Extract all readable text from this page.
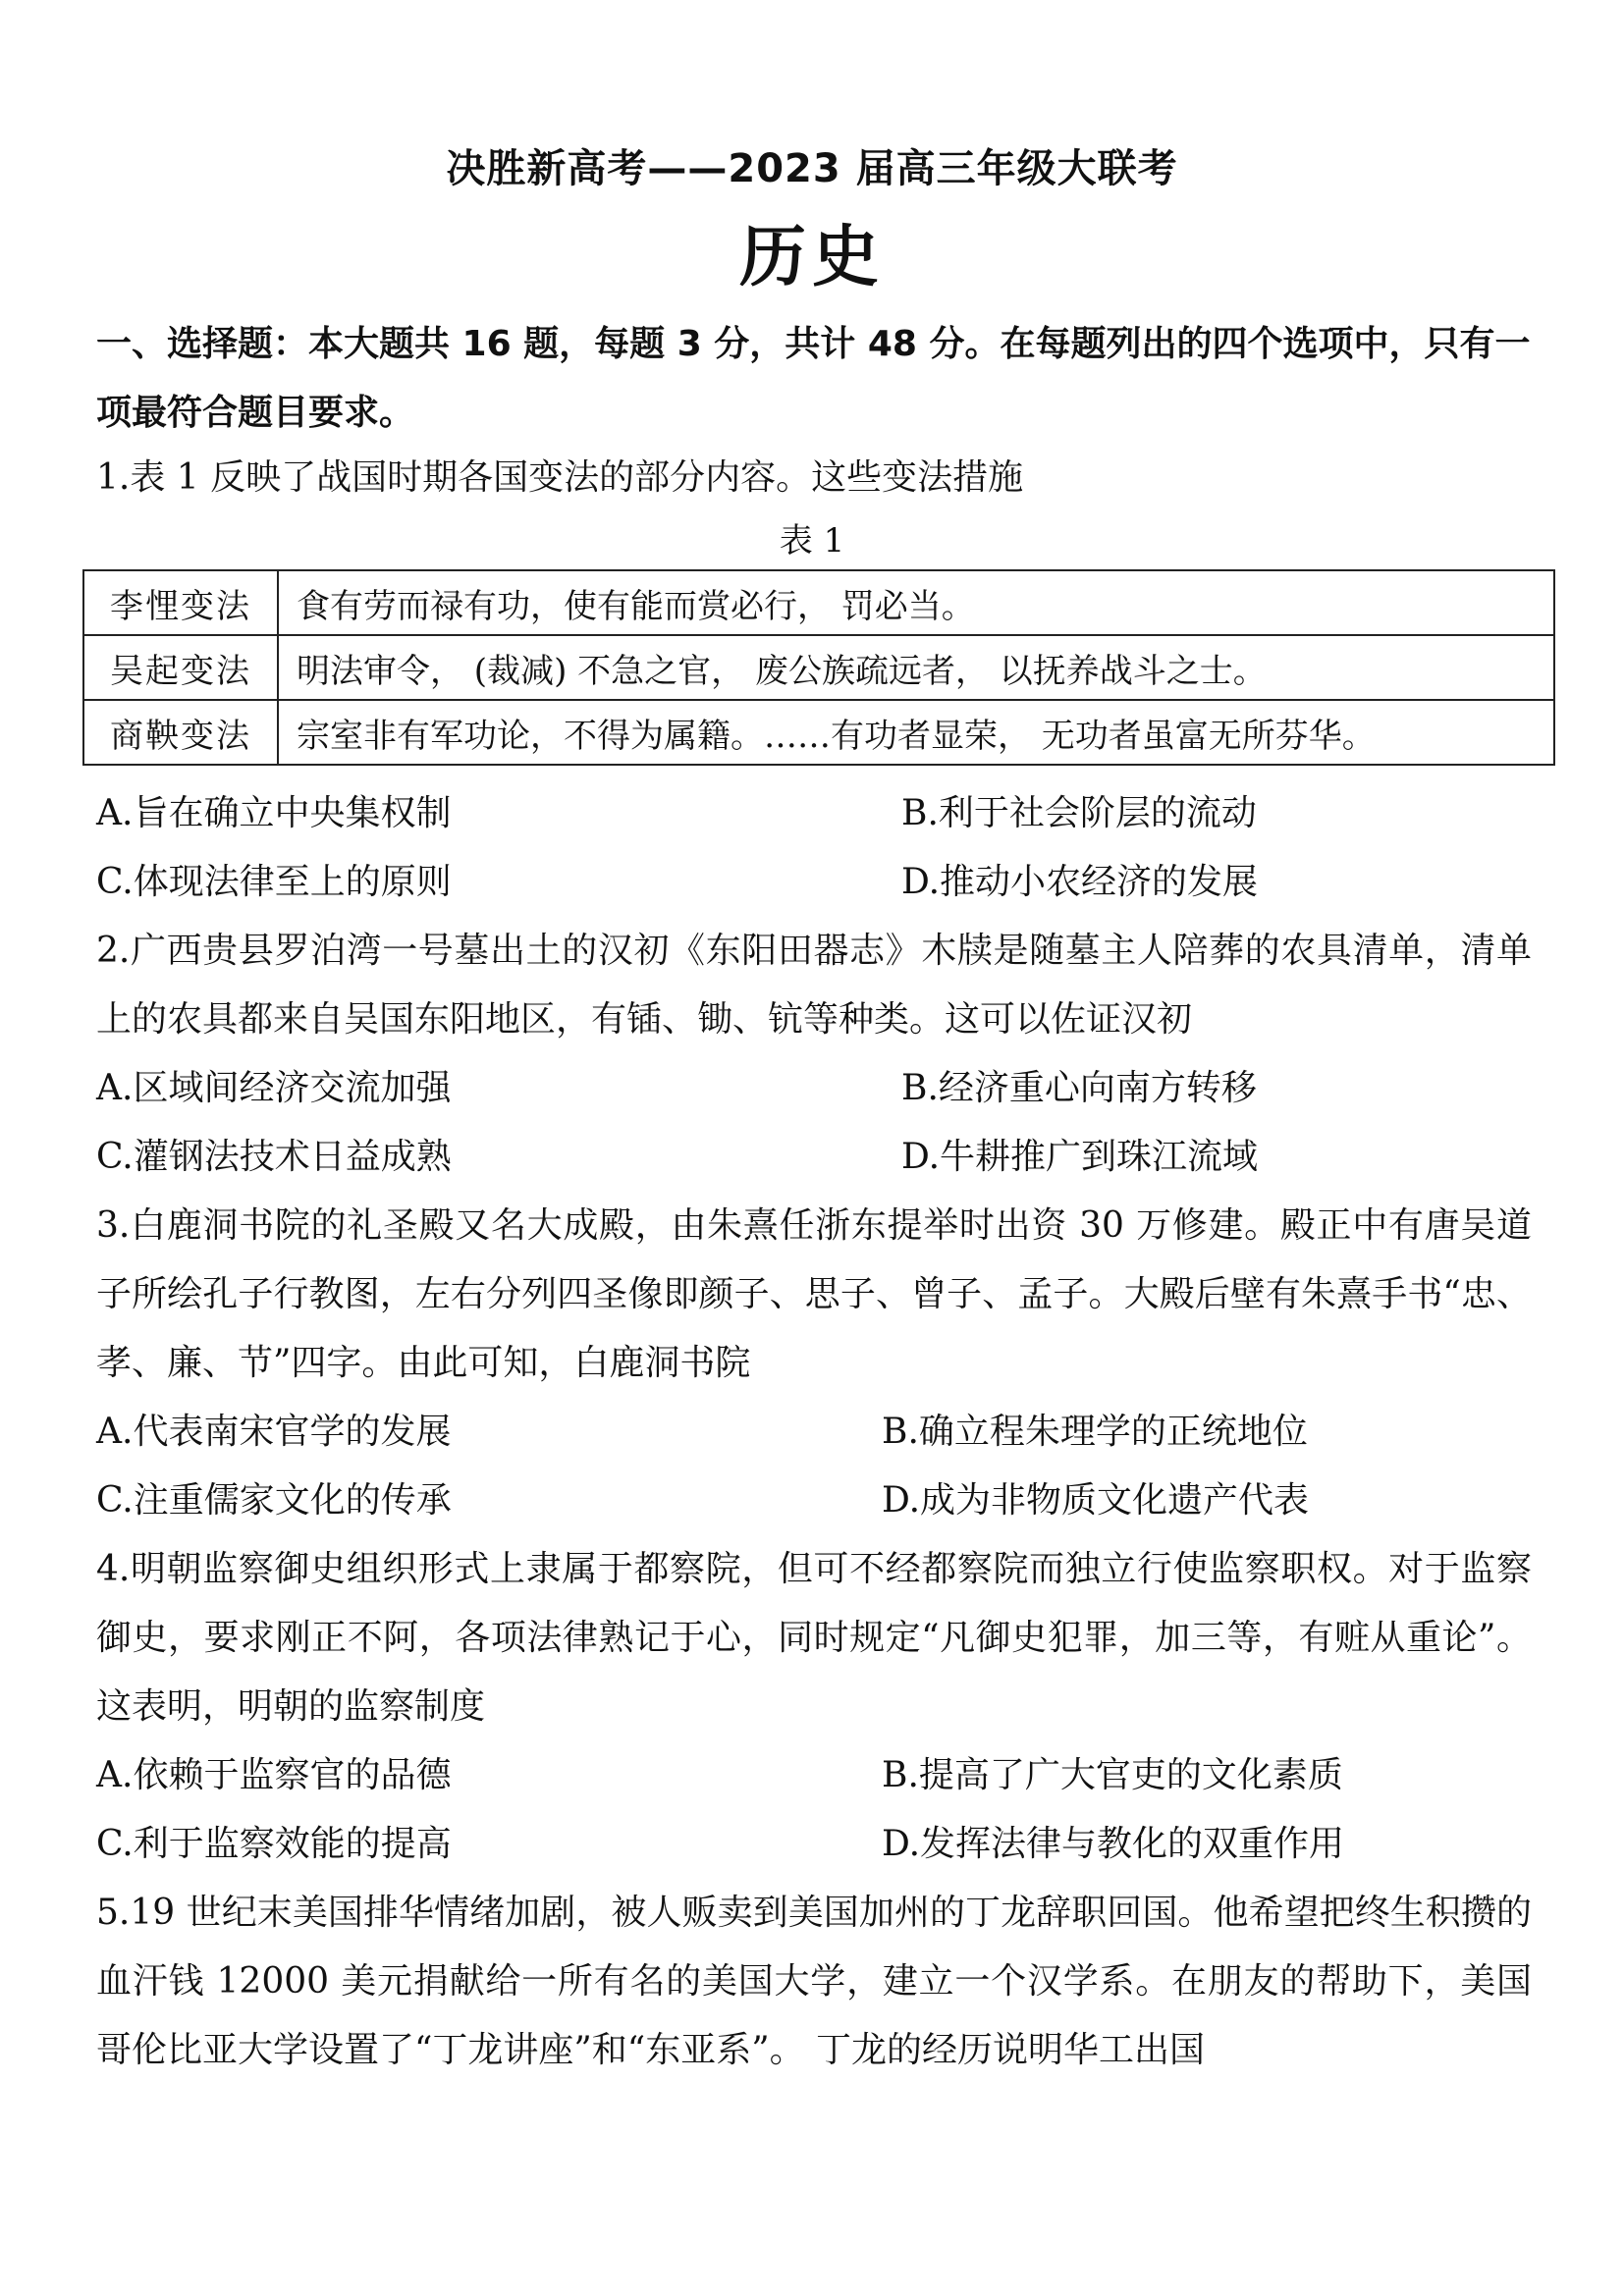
决胜新高考——2023 届高三年级大联考
历史
一、选择题：本大题共 16 题，每题 3 分，共计 48 分。在每题列出的四个选项中，只有一项最符合题目要求。
1.表 1 反映了战国时期各国变法的部分内容。这些变法措施
表 1
李悝变法	食有劳而禄有功，使有能而赏必行， 罚必当。
吴起变法	明法审令， (裁减) 不急之官， 废公族疏远者， 以抚养战斗之士。
商鞅变法	宗室非有军功论，不得为属籍。……有功者显荣， 无功者虽富无所芬华。
A.旨在确立中央集权制	B.利于社会阶层的流动
C.体现法律至上的原则	D.推动小农经济的发展
2.广西贵县罗泊湾一号墓出土的汉初《东阳田器志》木牍是随墓主人陪葬的农具清单，清单上的农具都来自吴国东阳地区，有锸、锄、钪等种类。这可以佐证汉初
A.区域间经济交流加强	B.经济重心向南方转移
C.灌钢法技术日益成熟	D.牛耕推广到珠江流域
3.白鹿洞书院的礼圣殿又名大成殿，由朱熹任浙东提举时出资 30 万修建。殿正中有唐吴道子所绘孔子行教图，左右分列四圣像即颜子、思子、曾子、孟子。大殿后壁有朱熹手书“忠、孝、廉、节”四字。由此可知，白鹿洞书院
A.代表南宋官学的发展	B.确立程朱理学的正统地位
C.注重儒家文化的传承	D.成为非物质文化遗产代表
4.明朝监察御史组织形式上隶属于都察院，但可不经都察院而独立行使监察职权。对于监察御史，要求刚正不阿，各项法律熟记于心，同时规定“凡御史犯罪，加三等，有赃从重论”。这表明，明朝的监察制度
A.依赖于监察官的品德	B.提高了广大官吏的文化素质
C.利于监察效能的提高	D.发挥法律与教化的双重作用
5.19 世纪末美国排华情绪加剧，被人贩卖到美国加州的丁龙辞职回国。他希望把终生积攒的血汗钱 12000 美元捐献给一所有名的美国大学，建立一个汉学系。在朋友的帮助下，美国哥伦比亚大学设置了“丁龙讲座”和“东亚系”。 丁龙的经历说明华工出国
